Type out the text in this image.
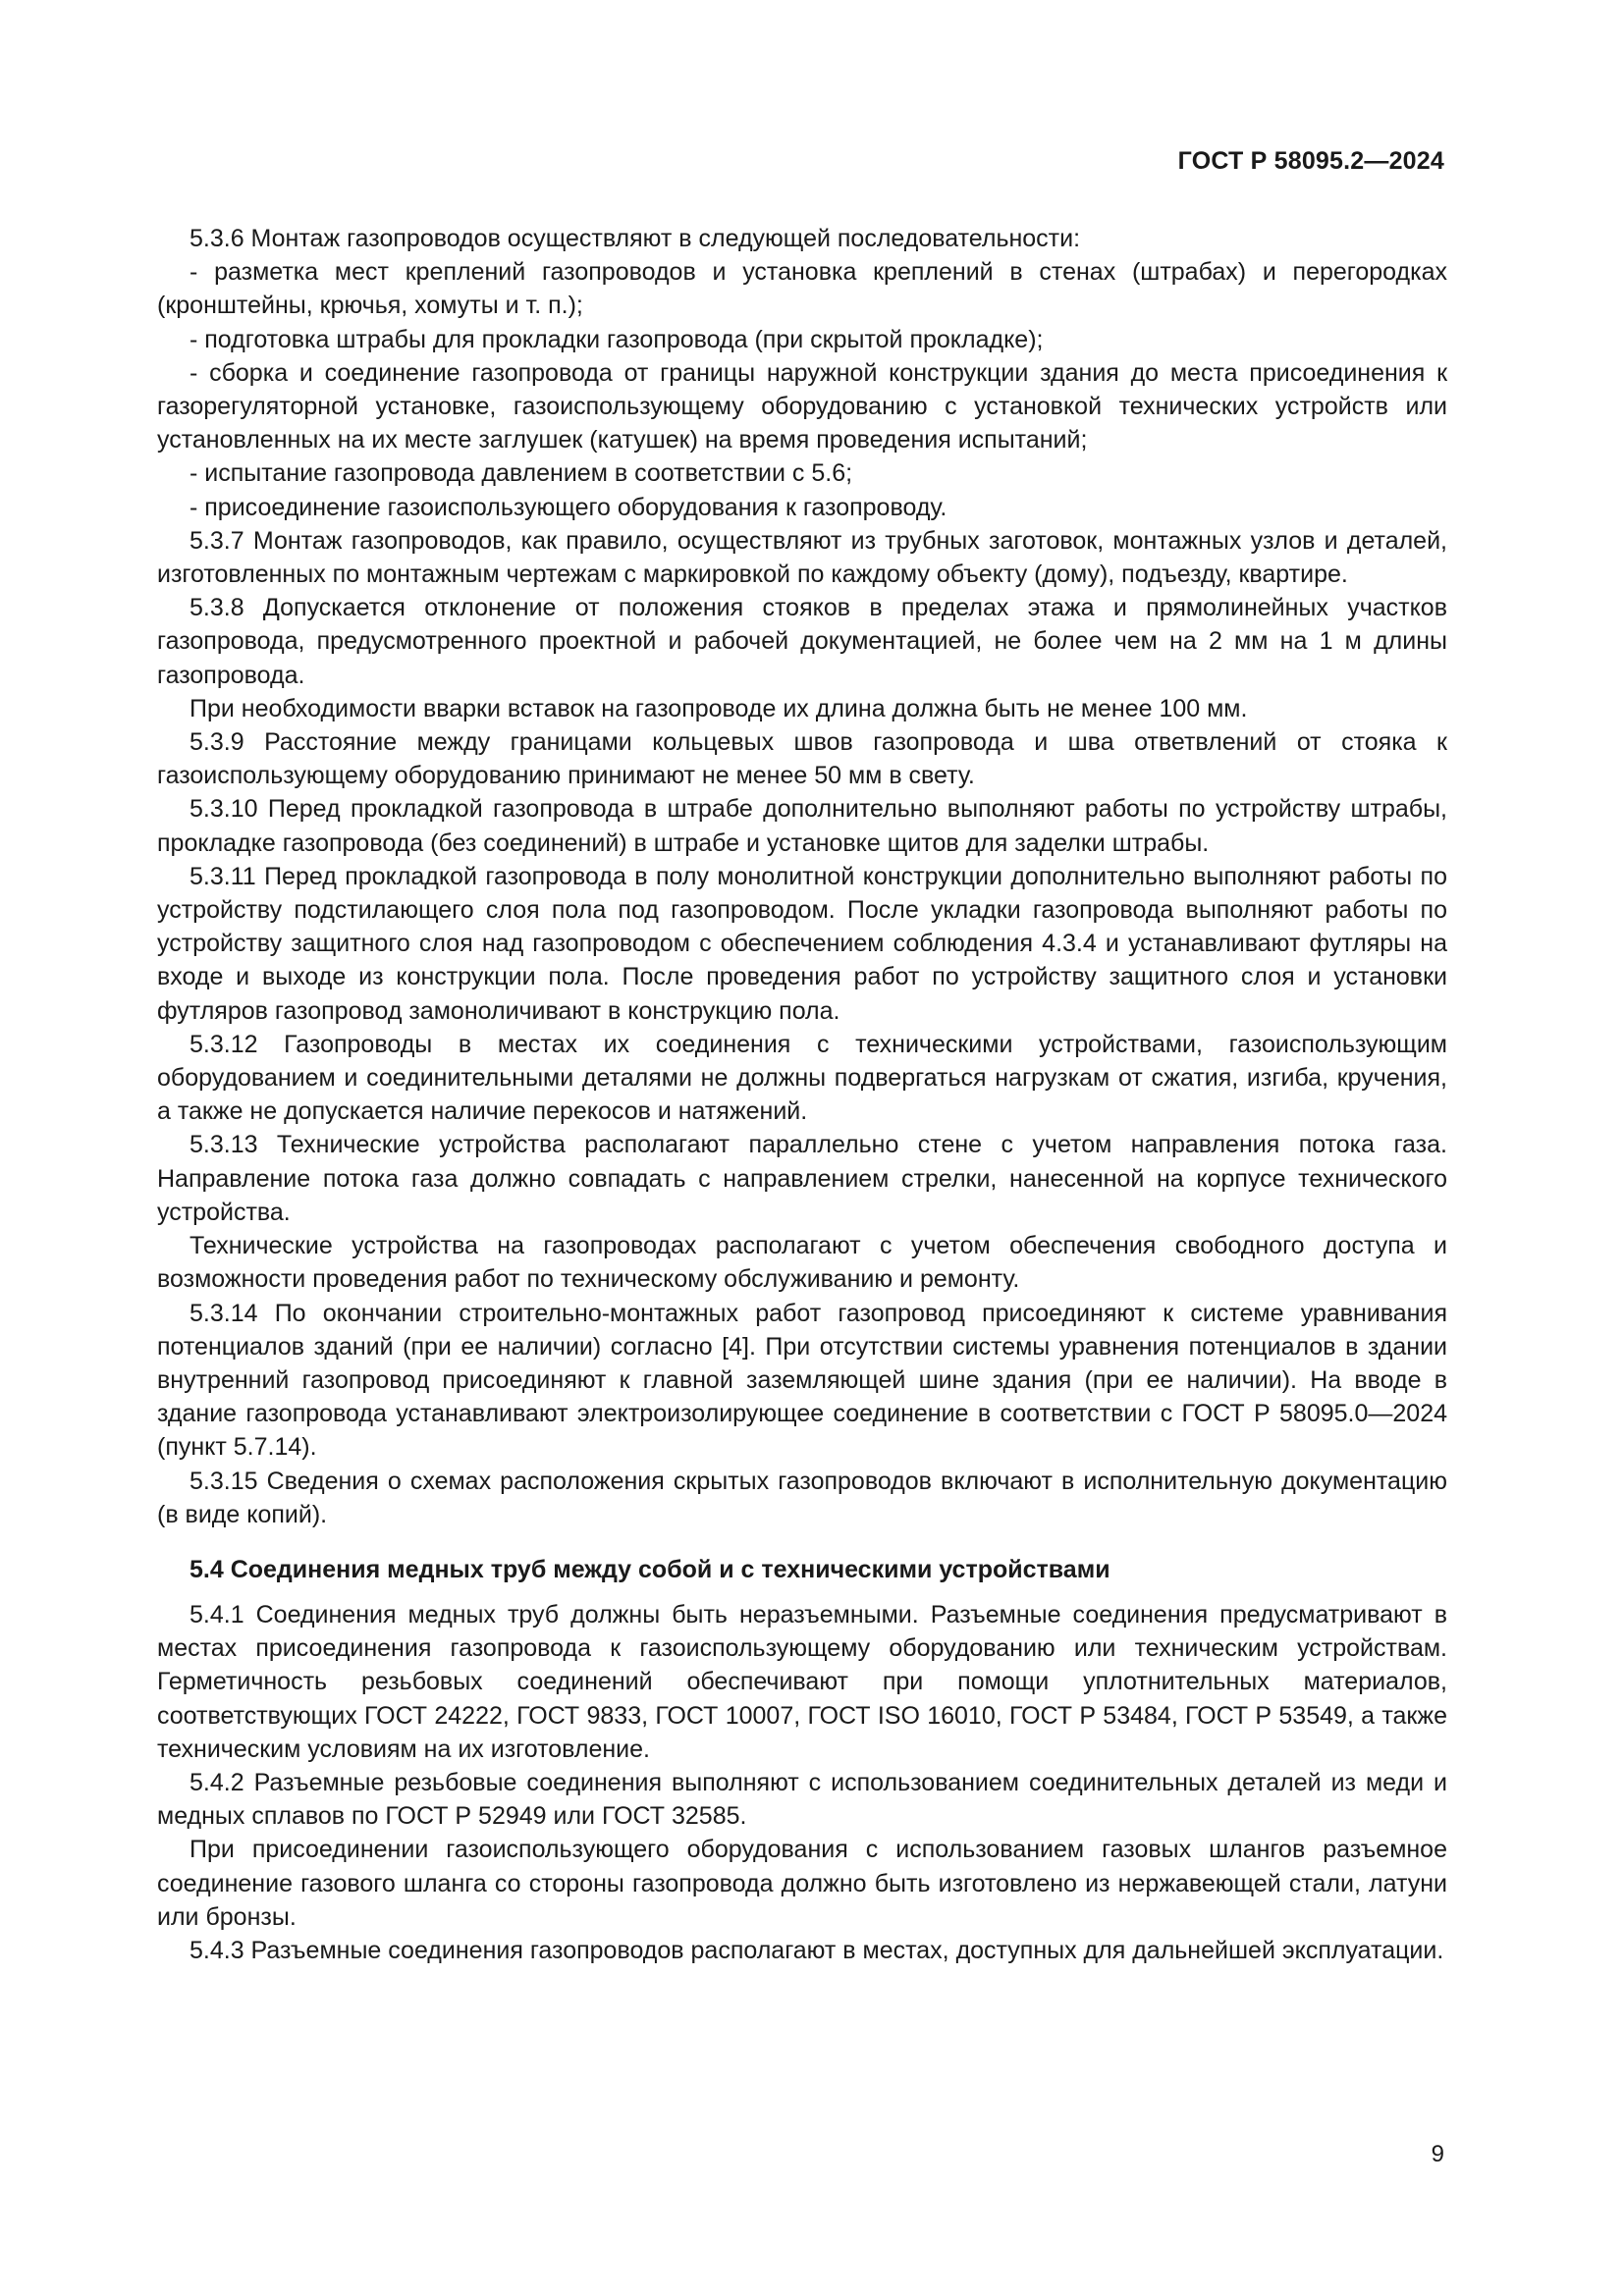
ГОСТ Р 58095.2—2024

5.3.6 Монтаж газопроводов осуществляют в следующей последовательности:

- разметка мест креплений газопроводов и установка креплений в стенах (штрабах) и перегородках (кронштейны, крючья, хомуты и т. п.);

- подготовка штрабы для прокладки газопровода (при скрытой прокладке);

- сборка и соединение газопровода от границы наружной конструкции здания до места присоединения к газорегуляторной установке, газоиспользующему оборудованию с установкой технических устройств или установленных на их месте заглушек (катушек) на время проведения испытаний;

- испытание газопровода давлением в соответствии с 5.6;

- присоединение газоиспользующего оборудования к газопроводу.

5.3.7 Монтаж газопроводов, как правило, осуществляют из трубных заготовок, монтажных узлов и деталей, изготовленных по монтажным чертежам с маркировкой по каждому объекту (дому), подъезду, квартире.

5.3.8 Допускается отклонение от положения стояков в пределах этажа и прямолинейных участков газопровода, предусмотренного проектной и рабочей документацией, не более чем на 2 мм на 1 м длины газопровода.

При необходимости вварки вставок на газопроводе их длина должна быть не менее 100 мм.

5.3.9 Расстояние между границами кольцевых швов газопровода и шва ответвлений от стояка к газоиспользующему оборудованию принимают не менее 50 мм в свету.

5.3.10 Перед прокладкой газопровода в штрабе дополнительно выполняют работы по устройству штрабы, прокладке газопровода (без соединений) в штрабе и установке щитов для заделки штрабы.

5.3.11 Перед прокладкой газопровода в полу монолитной конструкции дополнительно выполняют работы по устройству подстилающего слоя пола под газопроводом. После укладки газопровода выполняют работы по устройству защитного слоя над газопроводом с обеспечением соблюдения 4.3.4 и устанавливают футляры на входе и выходе из конструкции пола. После проведения работ по устройству защитного слоя и установки футляров газопровод замоноличивают в конструкцию пола.

5.3.12 Газопроводы в местах их соединения с техническими устройствами, газоиспользующим оборудованием и соединительными деталями не должны подвергаться нагрузкам от сжатия, изгиба, кручения, а также не допускается наличие перекосов и натяжений.

5.3.13 Технические устройства располагают параллельно стене с учетом направления потока газа. Направление потока газа должно совпадать с направлением стрелки, нанесенной на корпусе технического устройства.

Технические устройства на газопроводах располагают с учетом обеспечения свободного доступа и возможности проведения работ по техническому обслуживанию и ремонту.

5.3.14 По окончании строительно-монтажных работ газопровод присоединяют к системе уравнивания потенциалов зданий (при ее наличии) согласно [4]. При отсутствии системы уравнения потенциалов в здании внутренний газопровод присоединяют к главной заземляющей шине здания (при ее наличии). На вводе в здание газопровода устанавливают электроизолирующее соединение в соответствии с ГОСТ Р 58095.0—2024 (пункт 5.7.14).

5.3.15 Сведения о схемах расположения скрытых газопроводов включают в исполнительную документацию (в виде копий).

5.4 Соединения медных труб между собой и с техническими устройствами

5.4.1 Соединения медных труб должны быть неразъемными. Разъемные соединения предусматривают в местах присоединения газопровода к газоиспользующему оборудованию или техническим устройствам. Герметичность резьбовых соединений обеспечивают при помощи уплотнительных материалов, соответствующих ГОСТ 24222, ГОСТ 9833, ГОСТ 10007, ГОСТ ISO 16010, ГОСТ Р 53484, ГОСТ Р 53549, а также техническим условиям на их изготовление.

5.4.2 Разъемные резьбовые соединения выполняют с использованием соединительных деталей из меди и медных сплавов по ГОСТ Р 52949 или ГОСТ 32585.

При присоединении газоиспользующего оборудования с использованием газовых шлангов разъемное соединение газового шланга со стороны газопровода должно быть изготовлено из нержавеющей стали, латуни или бронзы.

5.4.3 Разъемные соединения газопроводов располагают в местах, доступных для дальнейшей эксплуатации.

9
